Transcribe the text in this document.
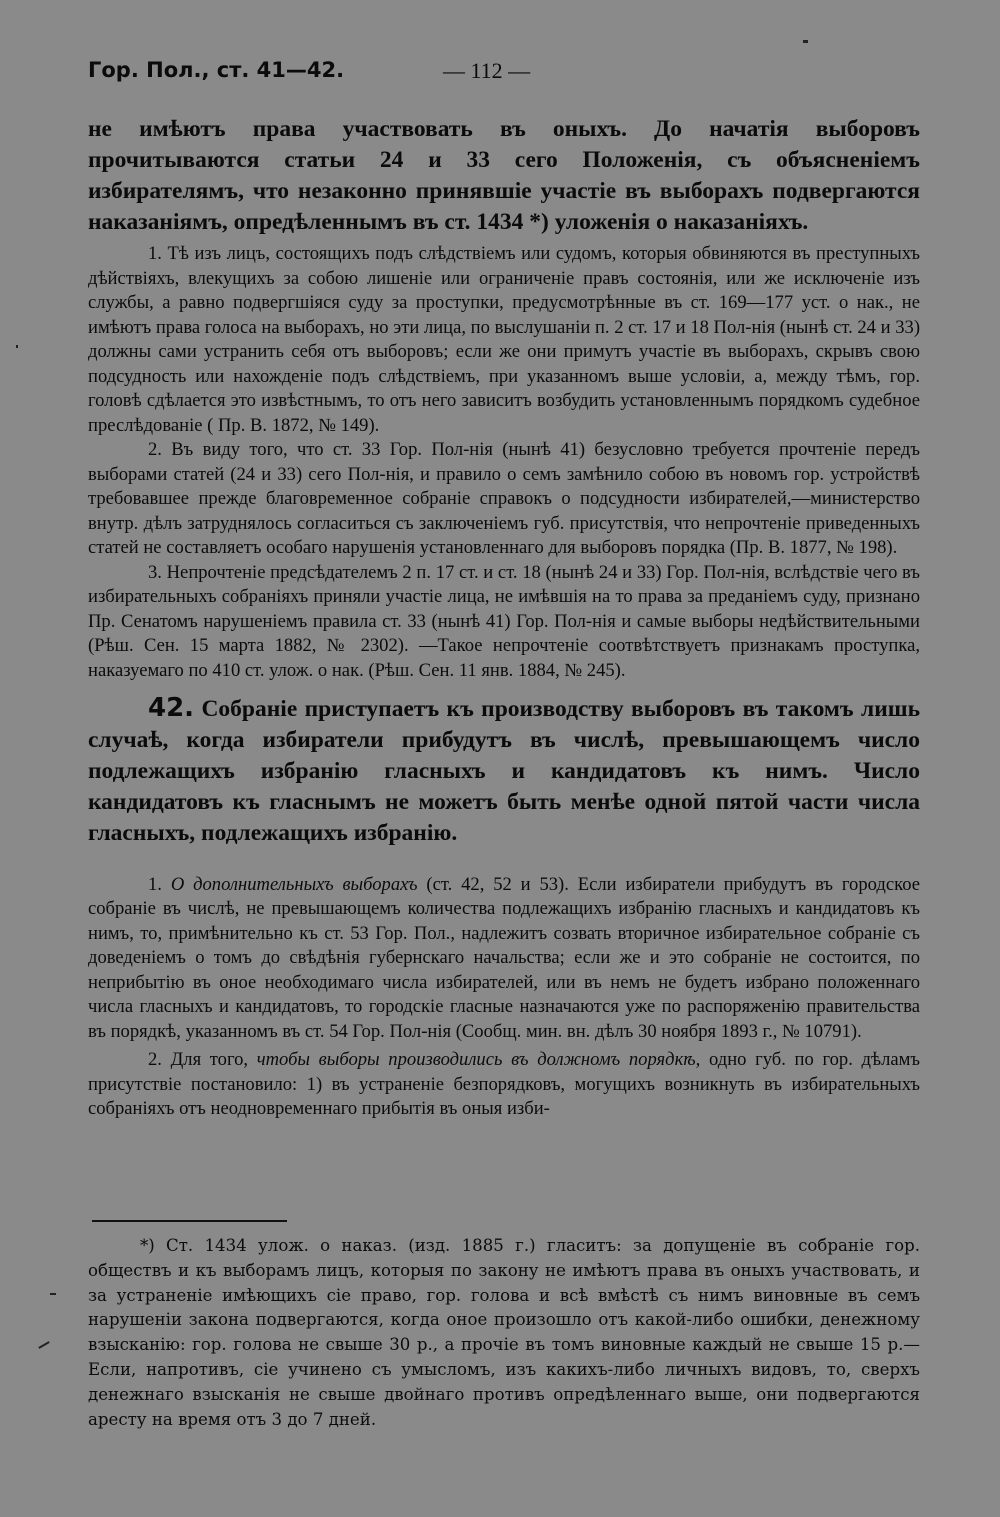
Гор. Пол., ст. 41—42.	— 112 —

не имѣютъ права участвовать въ оныхъ. До начатія выборовъ прочитываются статьи 24 и 33 сего Положенія, съ объясненіемъ избирателямъ, что незаконно принявшіе участіе въ выборахъ подвергаются наказаніямъ, опредѣленнымъ въ ст. 1434 *) уложенія о наказаніяхъ.

1. Тѣ изъ лицъ, состоящихъ подъ слѣдствіемъ или судомъ, которыя обвиняются въ преступныхъ дѣйствіяхъ, влекущихъ за собою лишеніе или ограниченіе правъ состоянія, или же исключеніе изъ службы, а равно подвергшіяся суду за проступки, предусмотрѣнные въ ст. 169—177 уст. о нак., не имѣютъ права голоса на выборахъ, но эти лица, по выслушаніи п. 2 ст. 17 и 18 Пол-нія (нынѣ ст. 24 и 33) должны сами устранить себя отъ выборовъ; если же они примутъ участіе въ выборахъ, скрывъ свою подсудность или нахожденіе подъ слѣдствіемъ, при указанномъ выше условіи, а, между тѣмъ, гор. головѣ сдѣлается это извѣстнымъ, то отъ него зависитъ возбудить установленнымъ порядкомъ судебное преслѣдованіе ( Пр. В. 1872, № 149).

2. Въ виду того, что ст. 33 Гор. Пол-нія (нынѣ 41) безусловно требуется прочтеніе передъ выборами статей (24 и 33) сего Пол-нія, и правило о семъ замѣнило собою въ новомъ гор. устройствѣ требовавшее прежде благовременное собраніе справокъ о подсудности избирателей,—министерство внутр. дѣлъ затруднялось согласиться съ заключеніемъ губ. присутствія, что непрочтеніе приведенныхъ статей не составляетъ особаго нарушенія установленнаго для выборовъ порядка (Пр. В. 1877, № 198).

3. Непрочтеніе предсѣдателемъ 2 п. 17 ст. и ст. 18 (нынѣ 24 и 33) Гор. Пол-нія, вслѣдствіе чего въ избирательныхъ собраніяхъ приняли участіе лица, не имѣвшія на то права за преданіемъ суду, признано Пр. Сенатомъ нарушеніемъ правила ст. 33 (нынѣ 41) Гор. Пол-нія и самые выборы недѣйствительными (Рѣш. Сен. 15 марта 1882, № 2302). —Такое непрочтеніе соотвѣтствуетъ признакамъ проступка, наказуемаго по 410 ст. улож. о нак. (Рѣш. Сен. 11 янв. 1884, № 245).

42. Собраніе приступаетъ къ производству выборовъ въ такомъ лишь случаѣ, когда избиратели прибудутъ въ числѣ, превышающемъ число подлежащихъ избранію гласныхъ и кандидатовъ къ нимъ. Число кандидатовъ къ гласнымъ не можетъ быть менѣе одной пятой части числа гласныхъ, подлежащихъ избранію.

1. О дополнительныхъ выборахъ (ст. 42, 52 и 53). Если избиратели прибудутъ въ городское собраніе въ числѣ, не превышающемъ количества подлежащихъ избранію гласныхъ и кандидатовъ къ нимъ, то, примѣнительно къ ст. 53 Гор. Пол., надлежитъ созвать вторичное избирательное собраніе съ доведеніемъ о томъ до свѣдѣнія губернскаго начальства; если же и это собраніе не состоится, по неприбытію въ оное необходимаго числа избирателей, или въ немъ не будетъ избрано положеннаго числа гласныхъ и кандидатовъ, то городскіе гласные назначаются уже по распоряженію правительства въ порядкѣ, указанномъ въ ст. 54 Гор. Пол-нія (Сообщ. мин. вн. дѣлъ 30 ноября 1893 г., № 10791).

2. Для того, чтобы выборы производились въ должномъ порядкѣ, одно губ. по гор. дѣламъ присутствіе постановило: 1) въ устраненіе безпорядковъ, могущихъ возникнуть въ избирательныхъ собраніяхъ отъ неодновременнаго прибытія въ оныя изби-

*) Ст. 1434 улож. о наказ. (изд. 1885 г.) гласитъ: за допущеніе въ собраніе гор. обществъ и къ выборамъ лицъ, которыя по закону не имѣютъ права въ оныхъ участвовать, и за устраненіе имѣющихъ сіе право, гор. голова и всѣ вмѣстѣ съ нимъ виновные въ семъ нарушеніи закона подвергаются, когда оное произошло отъ какой-либо ошибки, денежному взысканію: гор. голова не свыше 30 р., а прочіе въ томъ виновные каждый не свыше 15 р.—Если, напротивъ, сіе учинено съ умысломъ, изъ какихъ-либо личныхъ видовъ, то, сверхъ денежнаго взысканія не свыше двойнаго противъ опредѣленнаго выше, они подвергаются аресту на время отъ 3 до 7 дней.
